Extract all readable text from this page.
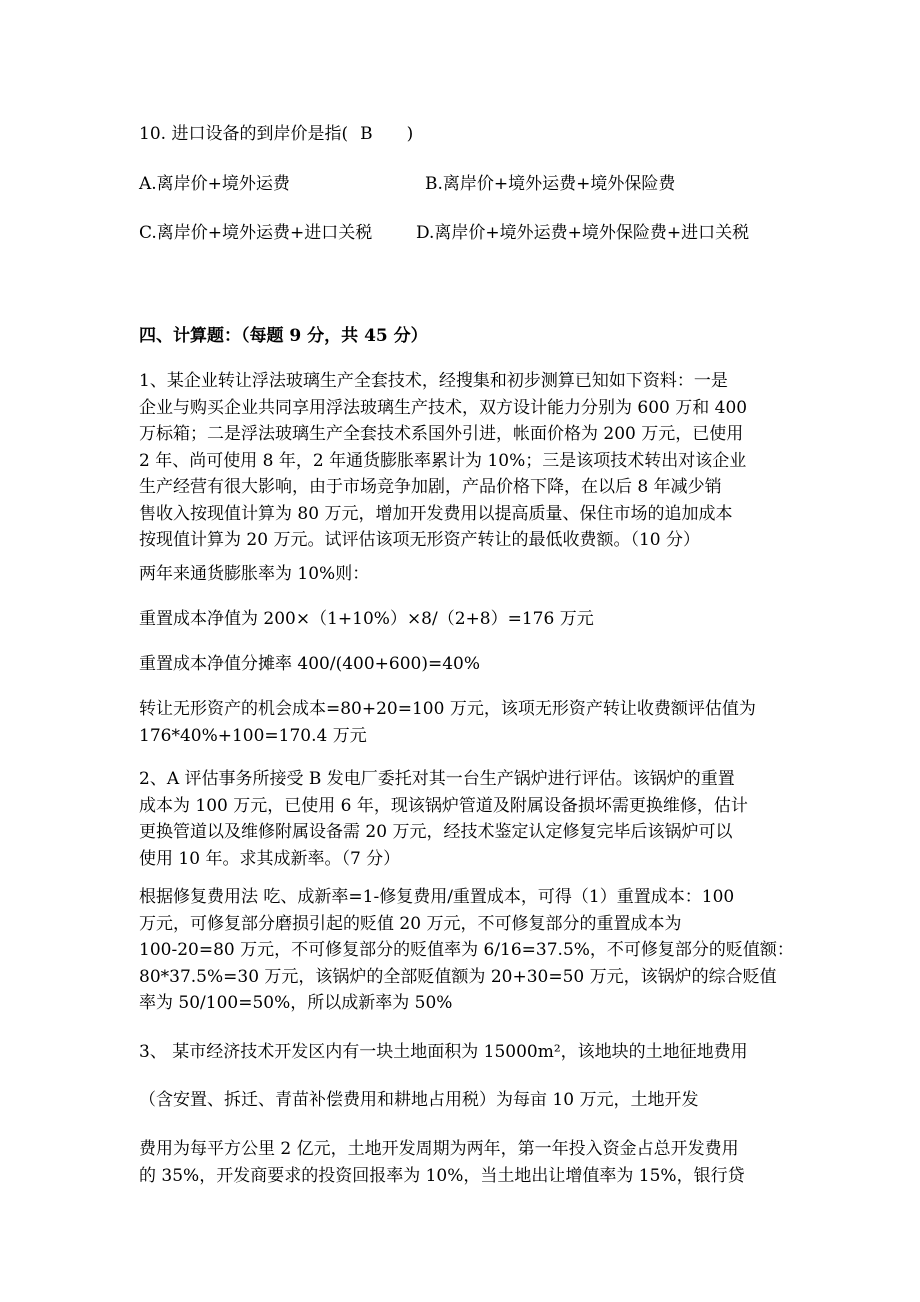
10. 进口设备的到岸价是指( B )

A.离岸价+境外运费	B.离岸价+境外运费+境外保险费

C.离岸价+境外运费+进口关税	D.离岸价+境外运费+境外保险费+进口关税

四、计算题：（每题 9 分，共 45 分）

1、某企业转让浮法玻璃生产全套技术，经搜集和初步测算已知如下资料：一是
企业与购买企业共同享用浮法玻璃生产技术，双方设计能力分别为 600 万和 400
万标箱；二是浮法玻璃生产全套技术系国外引进，帐面价格为 200 万元，已使用
2 年、尚可使用 8 年，2 年通货膨胀率累计为 10%；三是该项技术转出对该企业
生产经营有很大影响，由于市场竞争加剧，产品价格下降，在以后 8 年减少销
售收入按现值计算为 80 万元，增加开发费用以提高质量、保住市场的追加成本
按现值计算为 20 万元。试评估该项无形资产转让的最低收费额。（10 分）

两年来通货膨胀率为 10%则：

重置成本净值为 200×（1+10%）×8/（2+8）=176 万元

重置成本净值分摊率 400/(400+600)=40%

转让无形资产的机会成本=80+20=100 万元，该项无形资产转让收费额评估值为
176*40%+100=170.4 万元
2、A 评估事务所接受 B 发电厂委托对其一台生产锅炉进行评估。该锅炉的重置
成本为 100 万元，已使用 6 年，现该锅炉管道及附属设备损坏需更换维修，估计
更换管道以及维修附属设备需 20 万元，经技术鉴定认定修复完毕后该锅炉可以
使用 10 年。求其成新率。（7 分）
根据修复费用法 吃、成新率=1-修复费用/重置成本，可得（1）重置成本：100
万元，可修复部分磨损引起的贬值 20 万元，不可修复部分的重置成本为
100-20=80 万元，不可修复部分的贬值率为 6/16=37.5%，不可修复部分的贬值额：
80*37.5%=30 万元，该锅炉的全部贬值额为 20+30=50 万元，该锅炉的综合贬值
率为 50/100=50%，所以成新率为 50%

3、 某市经济技术开发区内有一块土地面积为 15000m²，该地块的土地征地费用

（含安置、拆迁、青苗补偿费用和耕地占用税）为每亩 10 万元，土地开发

费用为每平方公里 2 亿元，土地开发周期为两年，第一年投入资金占总开发费用
的 35%，开发商要求的投资回报率为 10%，当土地出让增值率为 15%，银行贷
